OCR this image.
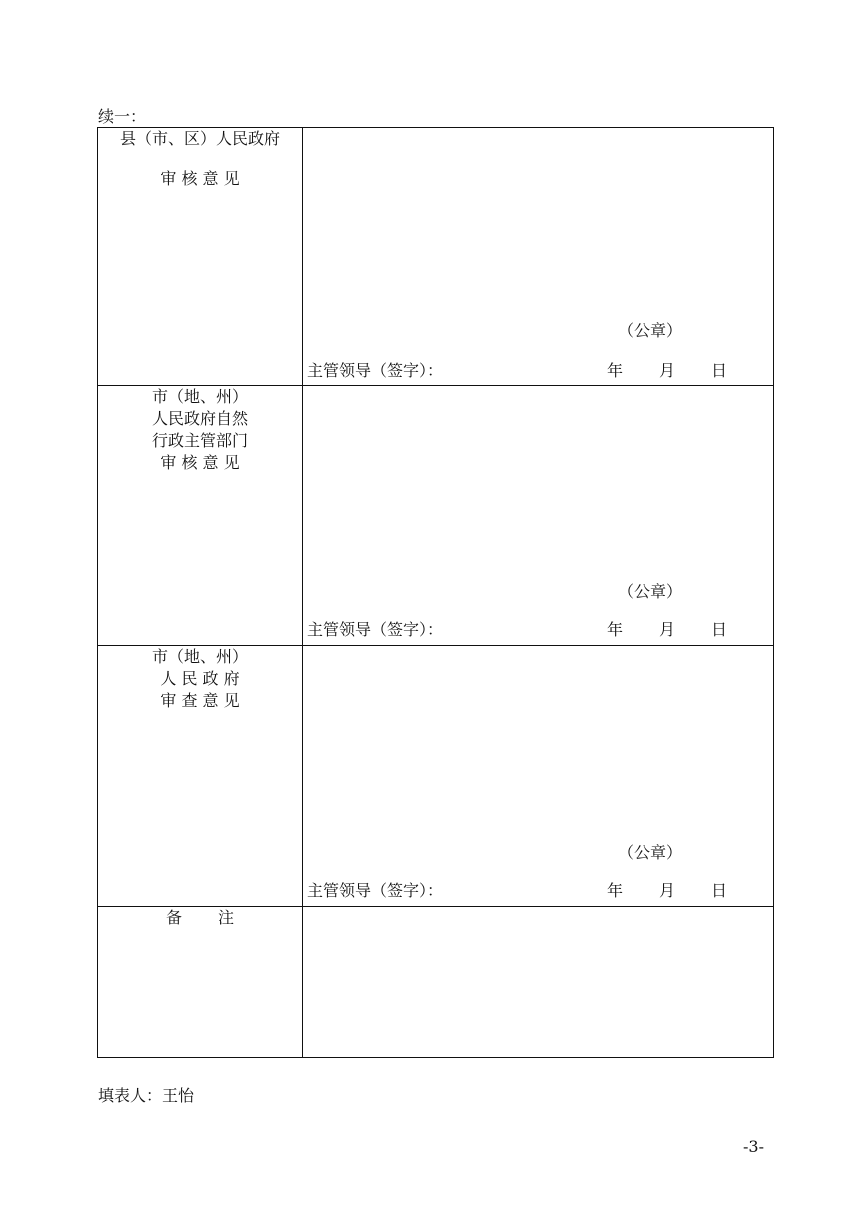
续一：
县（市、区）人民政府
审 核 意 见	（公章）
主管领导（签字）： 年 月 日

市（地、州）
人民政府自然
行政主管部门
审 核 意 见	（公章）
主管领导（签字）： 年 月 日

市（地、州）
人 民 政 府
审 查 意 见	（公章）
主管领导（签字）： 年 月 日

备注	

填表人：王怡
-3-
